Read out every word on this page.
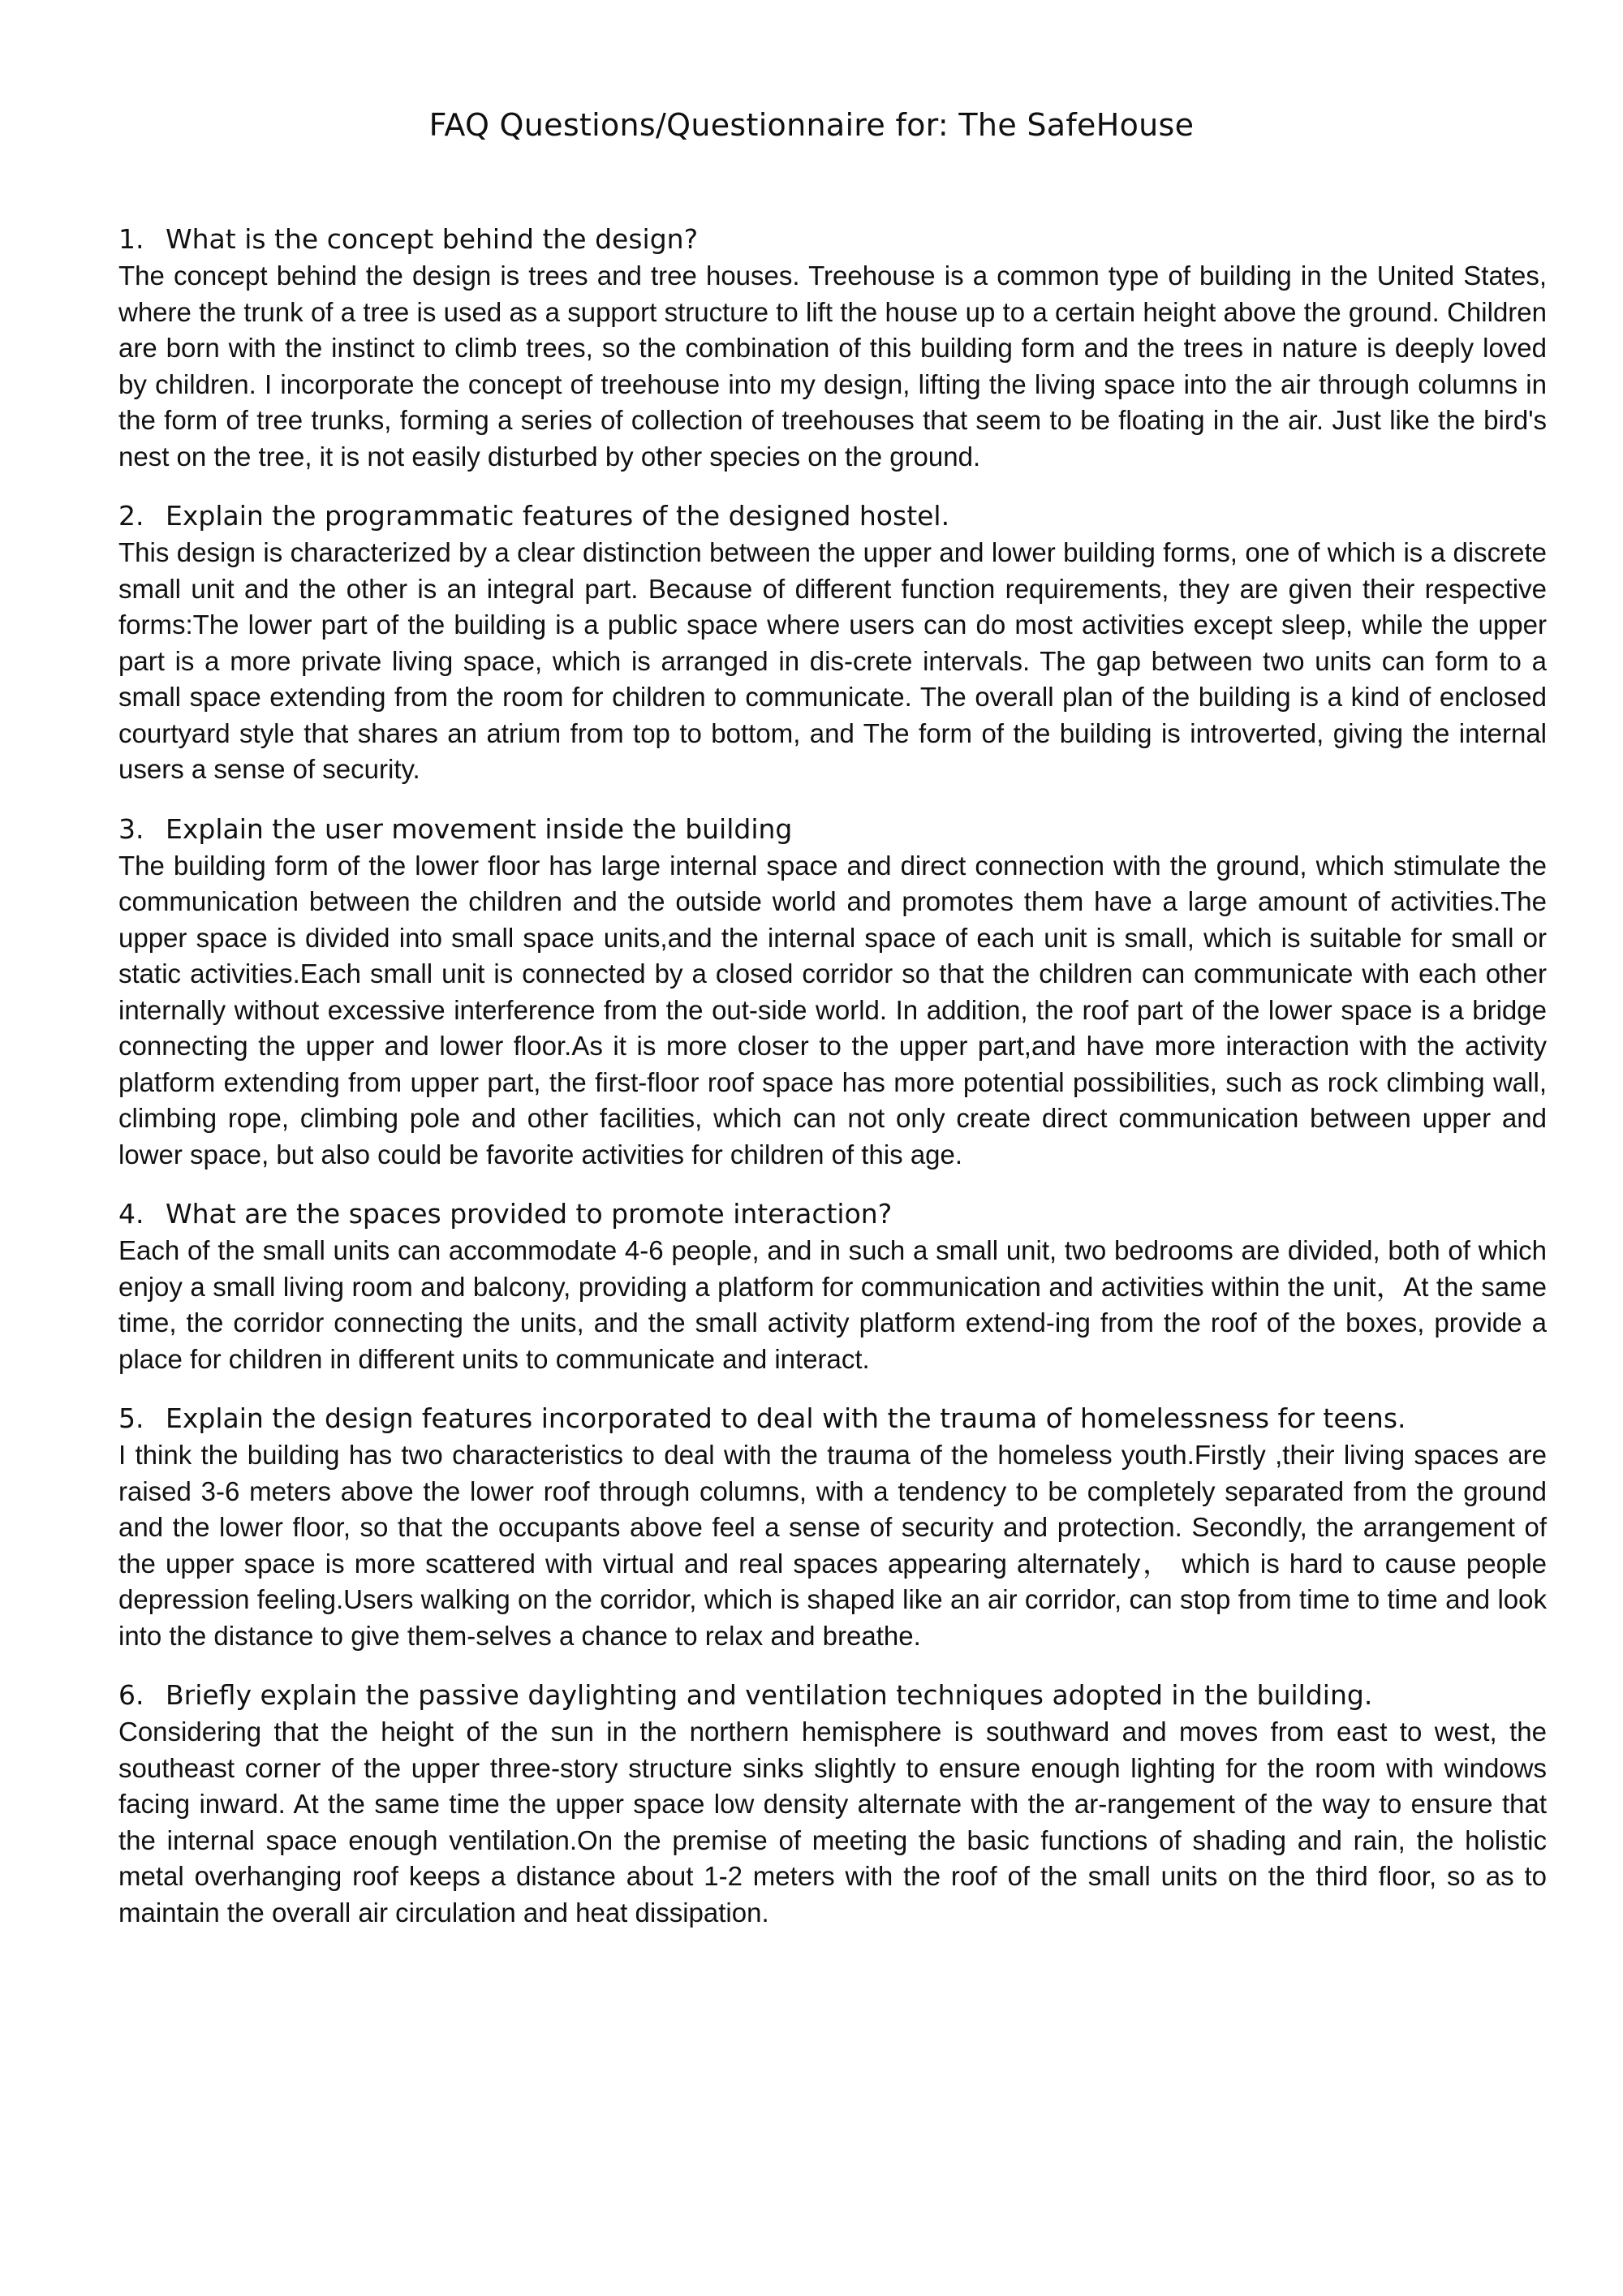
FAQ Questions/Questionnaire for: The SafeHouse

1. What is the concept behind the design?

The concept behind the design is trees and tree houses. Treehouse is a common type of building in the United States, where the trunk of a tree is used as a support structure to lift the house up to a certain height above the ground. Children are born with the instinct to climb trees, so the combination of this building form and the trees in nature is deeply loved by children. I incorporate the concept of treehouse into my design, lifting the living space into the air through columns in the form of tree trunks, forming a series of collection of treehouses that seem to be floating in the air. Just like the bird's nest on the tree, it is not easily disturbed by other species on the ground.

2. Explain the programmatic features of the designed hostel.

This design is characterized by a clear distinction between the upper and lower building forms, one of which is a discrete small unit and the other is an integral part. Because of different function requirements, they are given their respective forms:The lower part of the building is a public space where users can do most activities except sleep, while the upper part is a more private living space, which is arranged in dis-crete intervals. The gap between two units can form to a small space extending from the room for children to communicate. The overall plan of the building is a kind of enclosed courtyard style that shares an atrium from top to bottom, and The form of the building is introverted, giving the internal users a sense of security.

3. Explain the user movement inside the building

The building form of the lower floor has large internal space and direct connection with the ground, which stimulate the communication between the children and the outside world and promotes them have a large amount of activities.The upper space is divided into small space units,and the internal space of each unit is small, which is suitable for small or static activities.Each small unit is connected by a closed corridor so that the children can communicate with each other internally without excessive interference from the out-side world. In addition, the roof part of the lower space is a bridge connecting the upper and lower floor.As it is more closer to the upper part,and have more interaction with the activity platform extending from upper part, the first-floor roof space has more potential possibilities, such as rock climbing wall, climbing rope, climbing pole and other facilities, which can not only create direct communication between upper and lower space, but also could be favorite activities for children of this age.

4. What are the spaces provided to promote interaction?

Each of the small units can accommodate 4-6 people, and in such a small unit, two bedrooms are divided, both of which enjoy a small living room and balcony, providing a platform for communication and activities within the unit，At the same time, the corridor connecting the units, and the small activity platform extend-ing from the roof of the boxes, provide a place for children in different units to communicate and interact.

5. Explain the design features incorporated to deal with the trauma of homelessness for teens.

I think the building has two characteristics to deal with the trauma of the homeless youth.Firstly ,their living spaces are raised 3-6 meters above the lower roof through columns, with a tendency to be completely separated from the ground and the lower floor, so that the occupants above feel a sense of security and protection. Secondly, the arrangement of the upper space is more scattered with virtual and real spaces appearing alternately， which is hard to cause people depression feeling.Users walking on the corridor, which is shaped like an air corridor, can stop from time to time and look into the distance to give them-selves a chance to relax and breathe.

6. Briefly explain the passive daylighting and ventilation techniques adopted in the building.

Considering that the height of the sun in the northern hemisphere is southward and moves from east to west, the southeast corner of the upper three-story structure sinks slightly to ensure enough lighting for the room with windows facing inward. At the same time the upper space low density alternate with the ar-rangement of the way to ensure that the internal space enough ventilation.On the premise of meeting the basic functions of shading and rain, the holistic metal overhanging roof keeps a distance about 1-2 meters with the roof of the small units on the third floor, so as to maintain the overall air circulation and heat dissipation.
